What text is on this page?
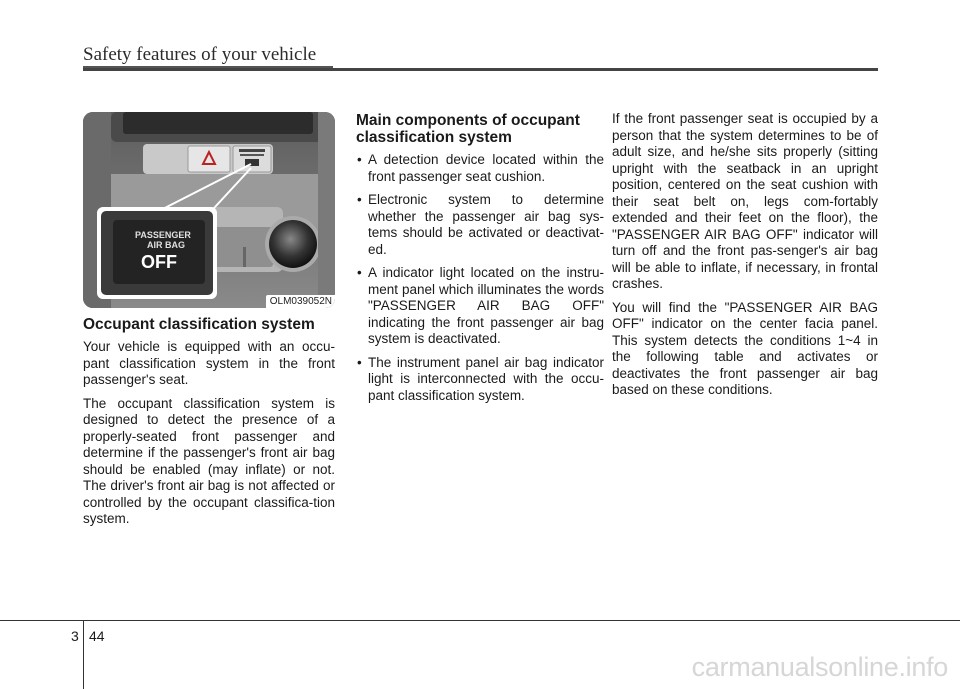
Safety features of your vehicle
PASSENGER
AIR BAG
OFF
OLM039052N
Occupant classification system

Your vehicle is equipped with an occu-pant classification system in the front passenger's seat.

The occupant classification system is designed to detect the presence of a properly-seated front passenger and determine if the passenger's front air bag should be enabled (may inflate) or not. The driver's front air bag is not affected or controlled by the occupant classifica-tion system.

Main components of occupant classification system
• A detection device located within the front passenger seat cushion.
• Electronic system to determine whether the passenger air bag sys-tems should be activated or deactivat-ed.
• A indicator light located on the instru-ment panel which illuminates the words "PASSENGER AIR BAG OFF" indicating the front passenger air bag system is deactivated.
• The instrument panel air bag indicator light is interconnected with the occu-pant classification system.

If the front passenger seat is occupied by a person that the system determines to be of adult size, and he/she sits properly (sitting upright with the seatback in an upright position, centered on the seat cushion with their seat belt on, legs com-fortably extended and their feet on the floor), the "PASSENGER AIR BAG OFF" indicator will turn off and the front pas-senger's air bag will be able to inflate, if necessary, in frontal crashes.

You will find the "PASSENGER AIR BAG OFF" indicator on the center facia panel. This system detects the conditions 1~4 in the following table and activates or deactivates the front passenger air bag based on these conditions.

3 44
carmanualsonline.info
